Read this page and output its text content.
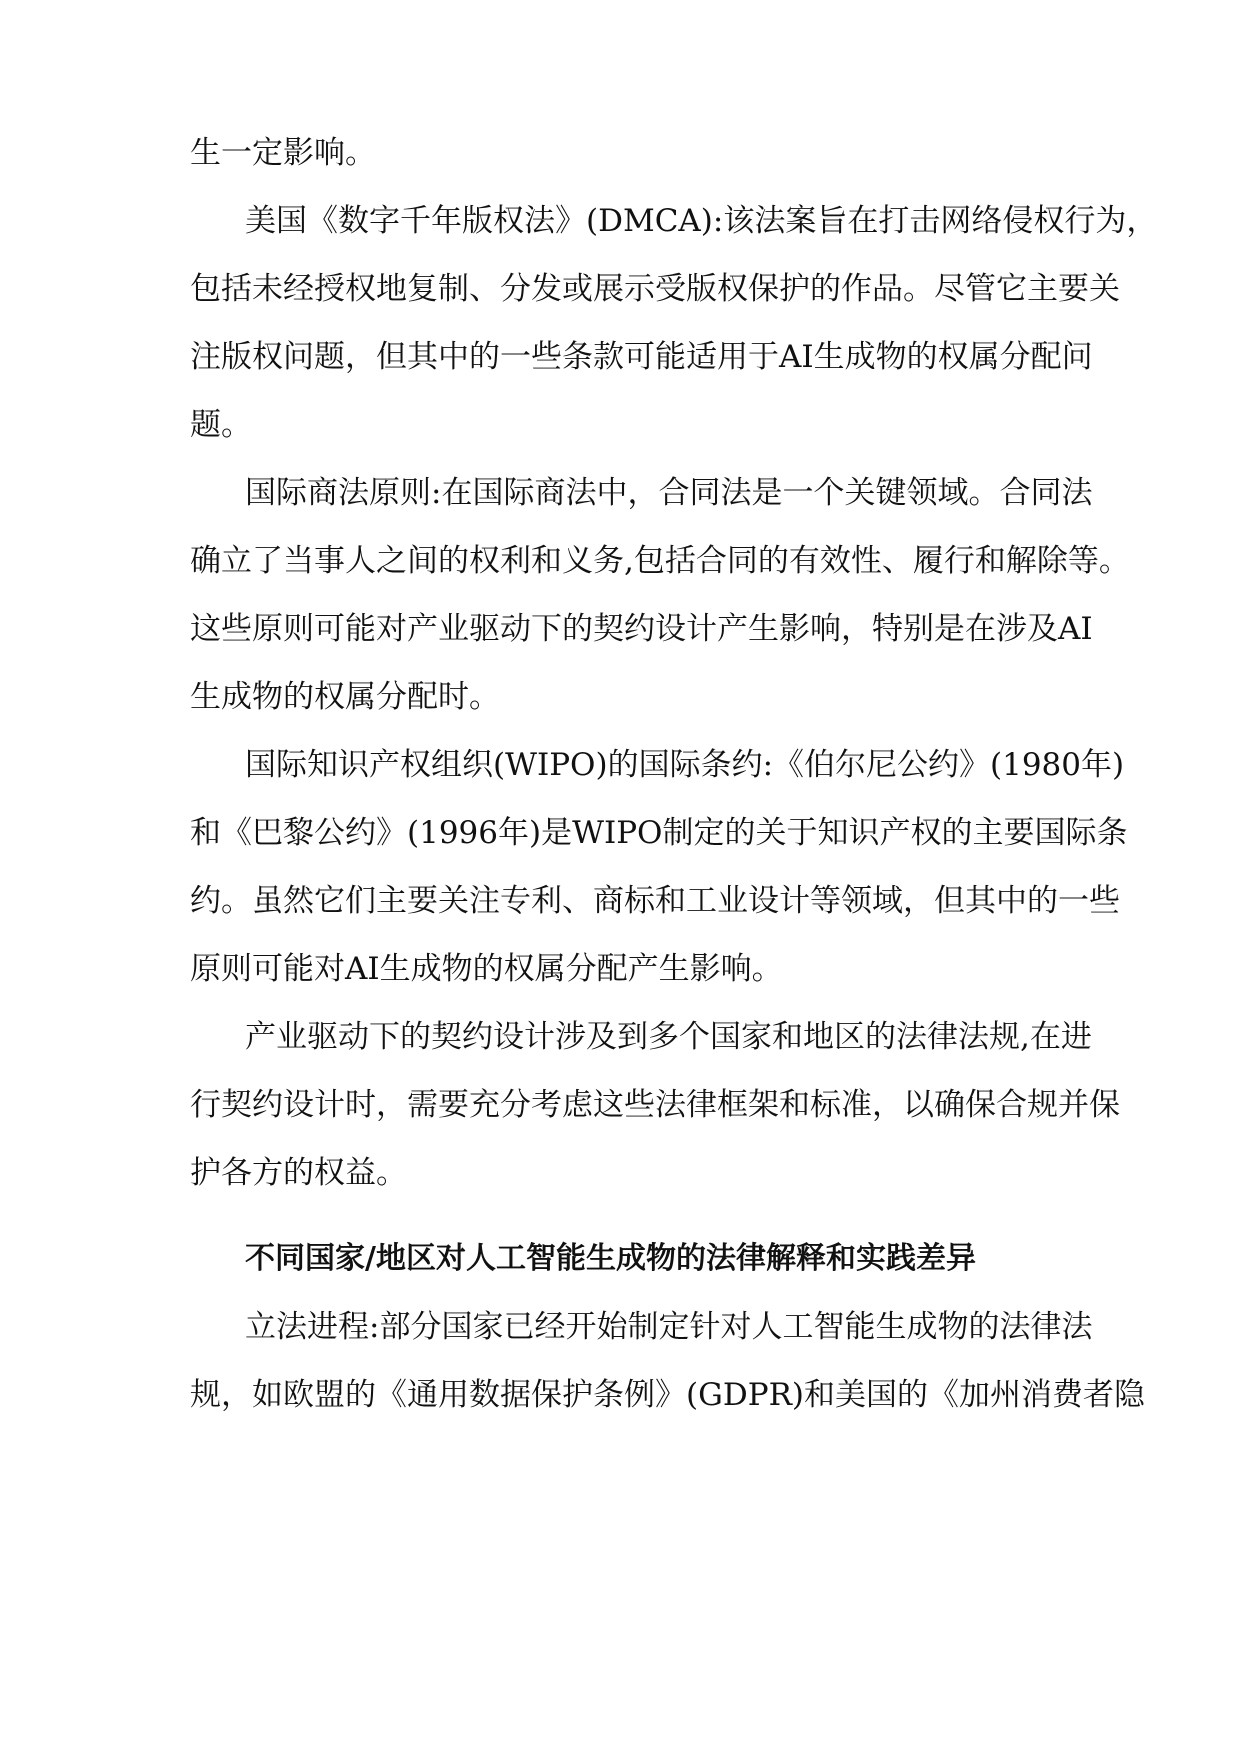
生一定影响。
美国《数字千年版权法》(DMCA):该法案旨在打击网络侵权行为，
包括未经授权地复制、分发或展示受版权保护的作品。尽管它主要关
注版权问题，但其中的一些条款可能适用于AI生成物的权属分配问
题。
国际商法原则:在国际商法中，合同法是一个关键领域。合同法
确立了当事人之间的权利和义务,包括合同的有效性、履行和解除等。
这些原则可能对产业驱动下的契约设计产生影响，特别是在涉及AI
生成物的权属分配时。
国际知识产权组织(WIPO)的国际条约:《伯尔尼公约》(1980年)
和《巴黎公约》(1996年)是WIPO制定的关于知识产权的主要国际条
约。虽然它们主要关注专利、商标和工业设计等领域，但其中的一些
原则可能对AI生成物的权属分配产生影响。
产业驱动下的契约设计涉及到多个国家和地区的法律法规,在进
行契约设计时，需要充分考虑这些法律框架和标准，以确保合规并保
护各方的权益。
不同国家/地区对人工智能生成物的法律解释和实践差异
立法进程:部分国家已经开始制定针对人工智能生成物的法律法
规，如欧盟的《通用数据保护条例》(GDPR)和美国的《加州消费者隐
